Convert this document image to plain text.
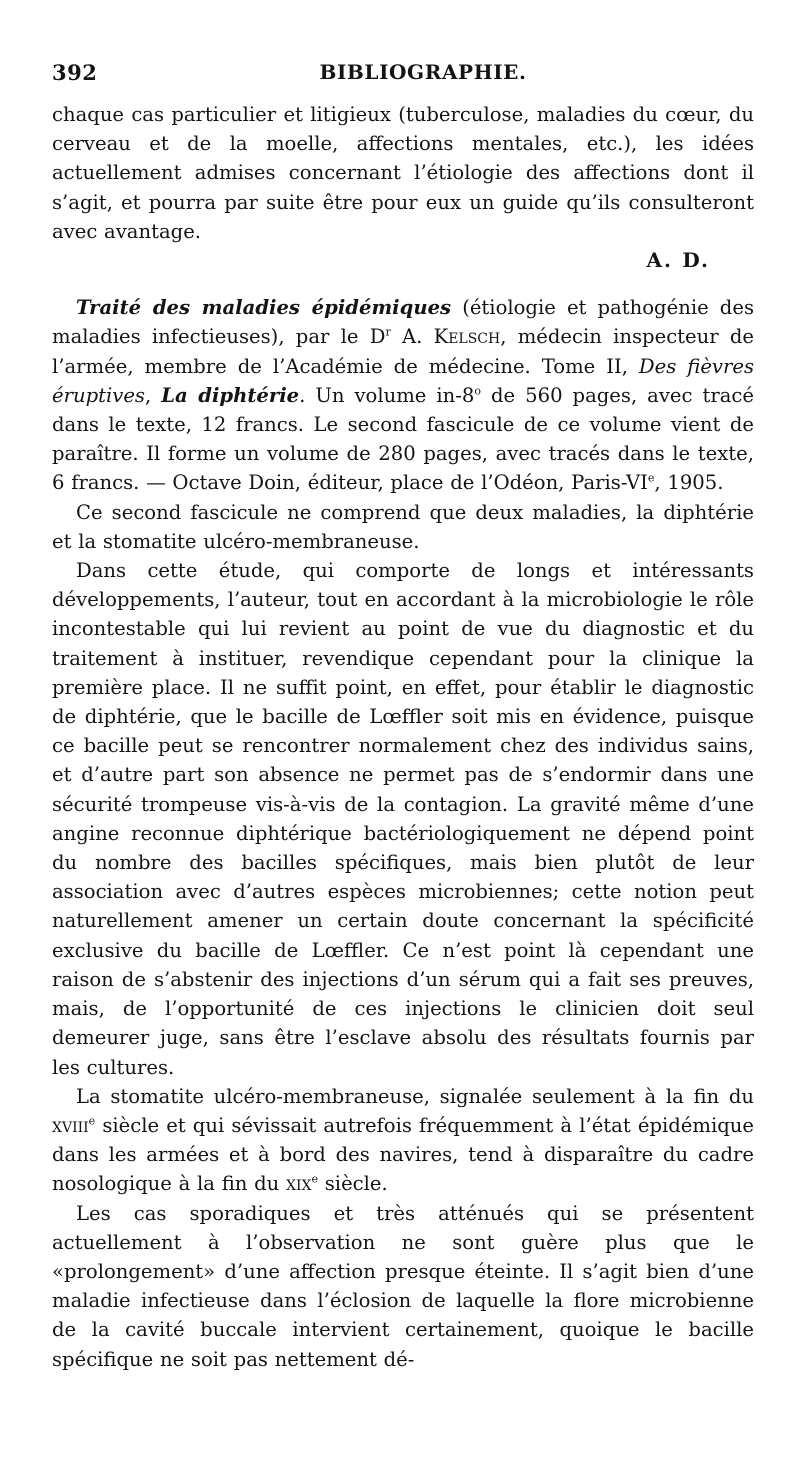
392	BIBLIOGRAPHIE.

chaque cas particulier et litigieux (tuberculose, maladies du cœur, du cerveau et de la moelle, affections mentales, etc.), les idées actuellement admises concernant l’étiologie des affections dont il s’agit, et pourra par suite être pour eux un guide qu’ils consulteront avec avantage.

A. D.

Traité des maladies épidémiques (étiologie et pathogénie des maladies infectieuses), par le $D^r$ A. Kelsch, médecin inspecteur de l’armée, membre de l’Académie de médecine. Tome II, Des fièvres éruptives, La diphtérie. Un volume in-8$^o$ de 560 pages, avec tracé dans le texte, 12 francs. Le second fascicule de ce volume vient de paraître. Il forme un volume de 280 pages, avec tracés dans le texte, 6 francs. — Octave Doin, éditeur, place de l’Odéon, Paris-VIe, 1905.

Ce second fascicule ne comprend que deux maladies, la diphtérie et la stomatite ulcéro-membraneuse.

Dans cette étude, qui comporte de longs et intéressants développements, l’auteur, tout en accordant à la microbiologie le rôle incontestable qui lui revient au point de vue du diagnostic et du traitement à instituer, revendique cependant pour la clinique la première place. Il ne suffit point, en effet, pour établir le diagnostic de diphtérie, que le bacille de Lœffler soit mis en évidence, puisque ce bacille peut se rencontrer normalement chez des individus sains, et d’autre part son absence ne permet pas de s’endormir dans une sécurité trompeuse vis-à-vis de la contagion. La gravité même d’une angine reconnue diphtérique bactériologiquement ne dépend point du nombre des bacilles spécifiques, mais bien plutôt de leur association avec d’autres espèces microbiennes; cette notion peut naturellement amener un certain doute concernant la spécificité exclusive du bacille de Lœffler. Ce n’est point là cependant une raison de s’abstenir des injections d’un sérum qui a fait ses preuves, mais, de l’opportunité de ces injections le clinicien doit seul demeurer juge, sans être l’esclave absolu des résultats fournis par les cultures.

La stomatite ulcéro-membraneuse, signalée seulement à la fin du xviii$^e$ siècle et qui sévissait autrefois fréquemment à l’état épidémique dans les armées et à bord des navires, tend à disparaître du cadre nosologique à la fin du xix$^e$ siècle.

Les cas sporadiques et très atténués qui se présentent actuellement à l’observation ne sont guère plus que le «prolongement» d’une affection presque éteinte. Il s’agit bien d’une maladie infectieuse dans l’éclosion de laquelle la flore microbienne de la cavité buccale intervient certainement, quoique le bacille spécifique ne soit pas nettement dé-
